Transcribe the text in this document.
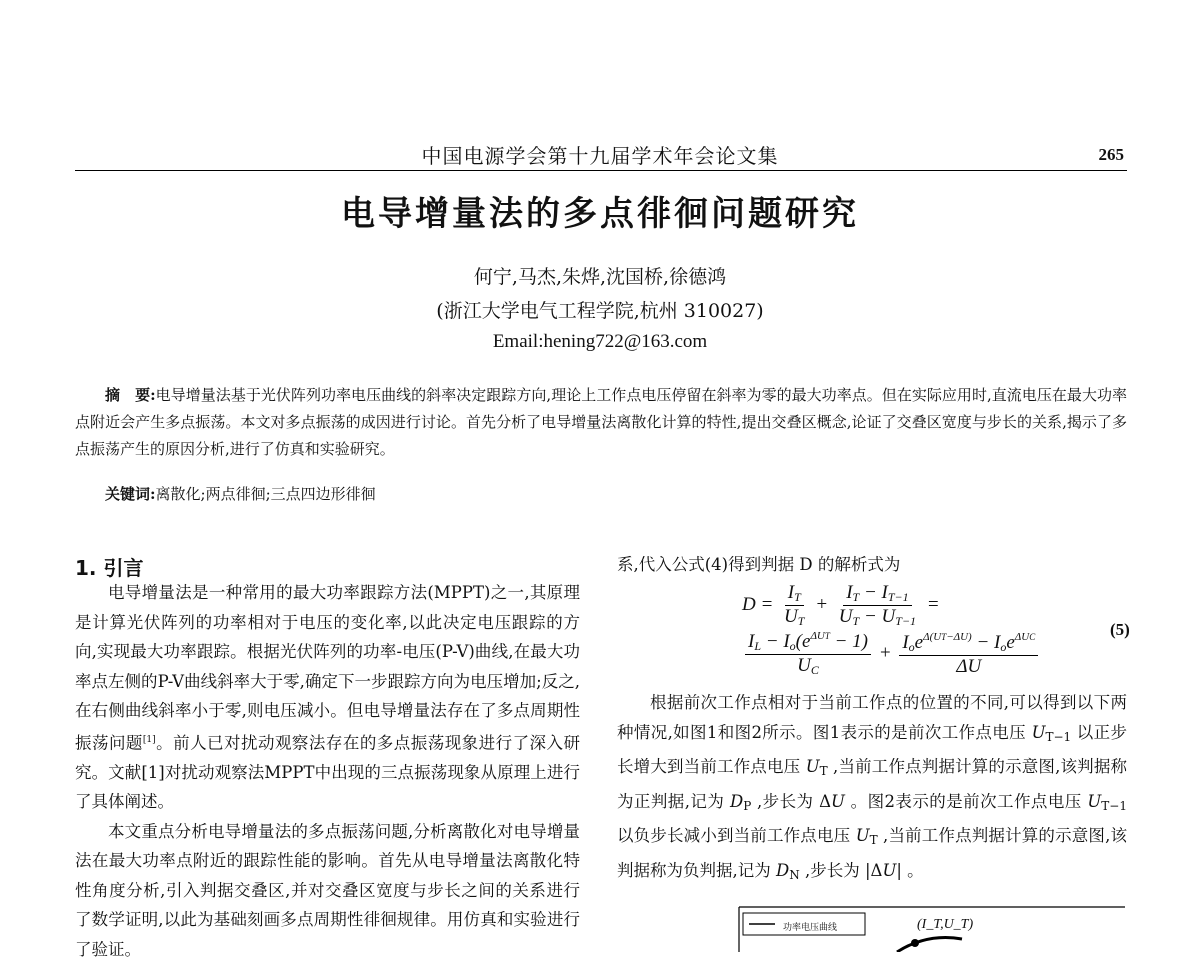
中国电源学会第十九届学术年会论文集	265
电导增量法的多点徘徊问题研究
何宁,马杰,朱烨,沈国桥,徐德鸿
(浙江大学电气工程学院,杭州 310027)
Email:hening722@163.com
摘　要:电导增量法基于光伏阵列功率电压曲线的斜率决定跟踪方向,理论上工作点电压停留在斜率为零的最大功率点。但在实际应用时,直流电压在最大功率点附近会产生多点振荡。本文对多点振荡的成因进行讨论。首先分析了电导增量法离散化计算的特性,提出交叠区概念,论证了交叠区宽度与步长的关系,揭示了多点振荡产生的原因分析,进行了仿真和实验研究。
关键词:离散化;两点徘徊;三点四边形徘徊
1. 引言

电导增量法是一种常用的最大功率跟踪方法(MPPT)之一,其原理是计算光伏阵列的功率相对于电压的变化率,以此决定电压跟踪的方向,实现最大功率跟踪。根据光伏阵列的功率-电压(P-V)曲线,在最大功率点左侧的P-V曲线斜率大于零,确定下一步跟踪方向为电压增加;反之,在右侧曲线斜率小于零,则电压减小。但电导增量法存在了多点周期性振荡问题[1]。前人已对扰动观察法存在的多点振荡现象进行了深入研究。文献[1]对扰动观察法MPPT中出现的三点振荡现象从原理上进行了具体阐述。

本文重点分析电导增量法的多点振荡问题,分析离散化对电导增量法在最大功率点附近的跟踪性能的影响。首先从电导增量法离散化特性角度分析,引入判据交叠区,并对交叠区宽度与步长之间的关系进行了数学证明,以此为基础刻画多点周期性徘徊规律。用仿真和实验进行了验证。

系,代入公式(4)得到判据 D 的解析式为
$D = \frac{I_T}{U_T} + \frac{I_T - I_{T-1}}{U_T - U_{T-1}}$ =
$\frac{I_L - I_o(e^{\Delta UT} - 1)}{U_C} + \frac{I_oe^{\Delta(UT-\Delta U)} - I_oe^{\Delta UC}}{\Delta U}$
(5)

根据前次工作点相对于当前工作点的位置的不同,可以得到以下两种情况,如图1和图2所示。图1表示的是前次工作点电压 $U_{T-1}$ 以正步长增大到当前工作点电压 $U_T$ ,当前工作点判据计算的示意图,该判据称为正判据,记为 $D_P$ ,步长为 ΔU 。图2表示的是前次工作点电压 $U_{T-1}$ 以负步长减小到当前工作点电压 $U_T$ ,当前工作点判据计算的示意图,该判据称为负判据,记为 $D_N$ ,步长为 |ΔU| 。

功率电压曲线	(I_T,U_T)
